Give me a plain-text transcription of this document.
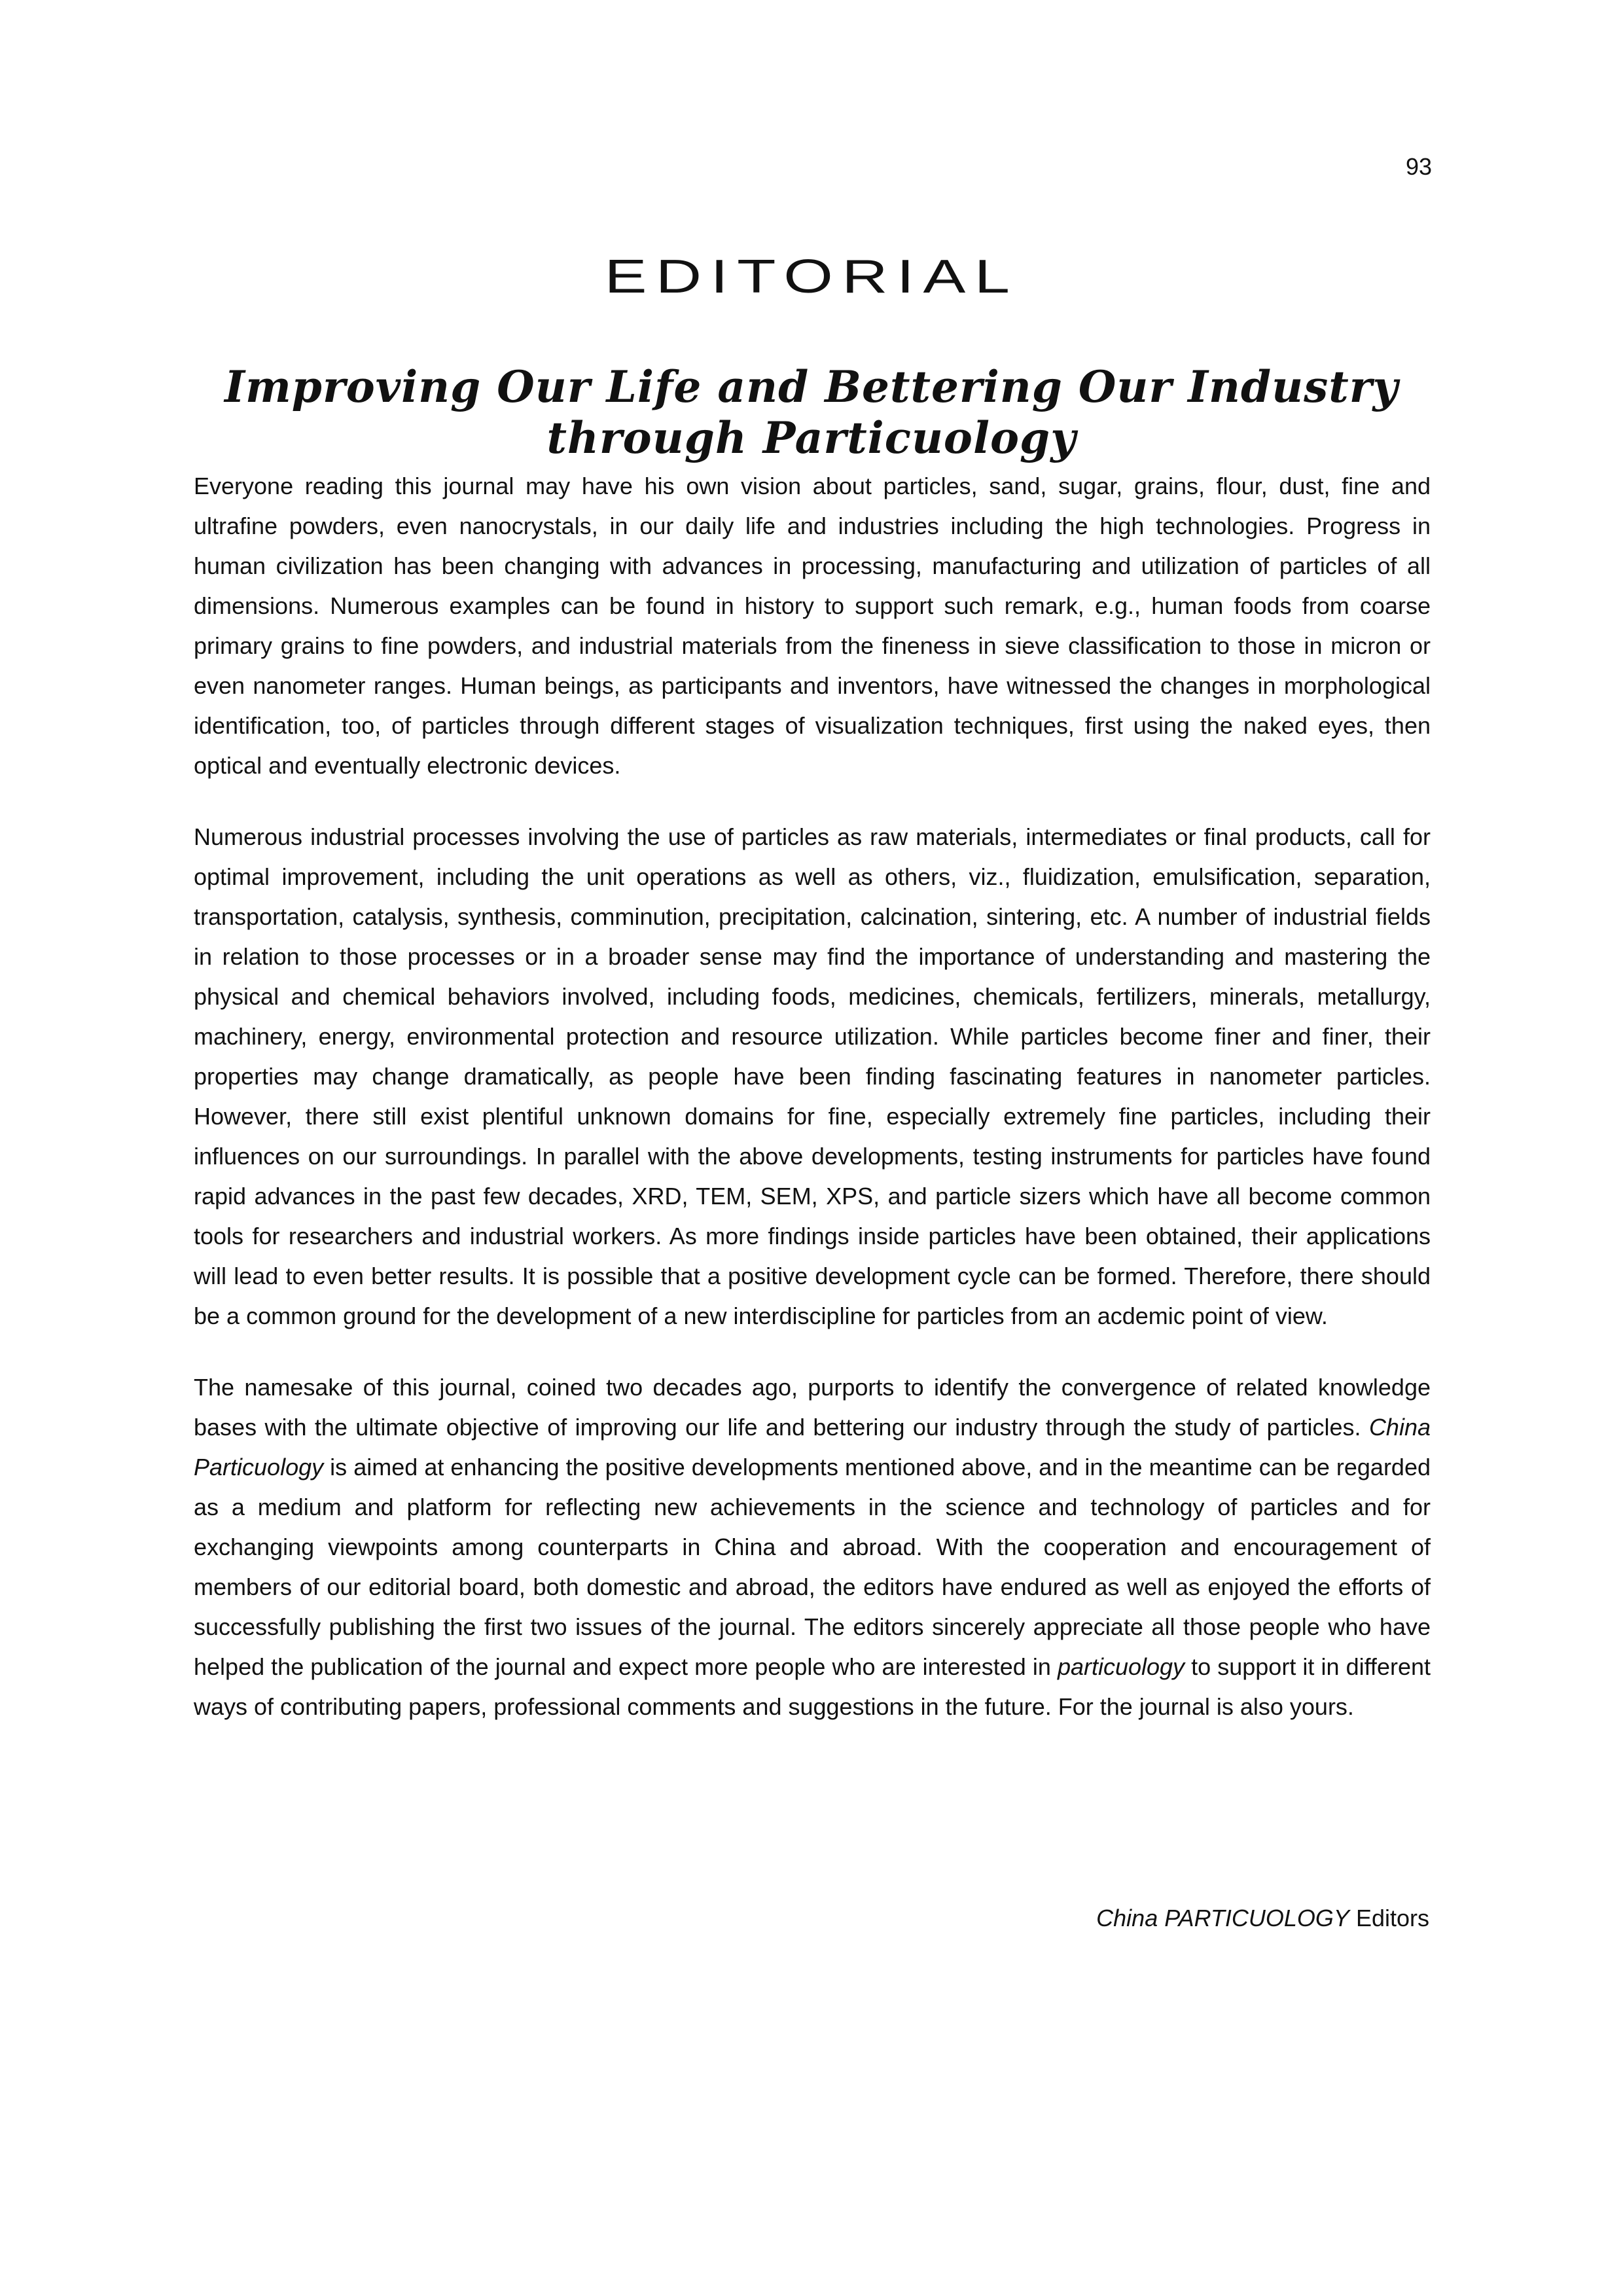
93
EDITORIAL
Improving Our Life and Bettering Our Industry through Particuology

Everyone reading this journal may have his own vision about particles, sand, sugar, grains, flour, dust, fine and ultrafine powders, even nanocrystals, in our daily life and industries including the high technologies. Progress in human civilization has been changing with advances in processing, manufacturing and utilization of particles of all dimensions. Numerous examples can be found in history to support such remark, e.g., human foods from coarse primary grains to fine powders, and industrial materials from the fineness in sieve classification to those in micron or even nanometer ranges. Human beings, as participants and inventors, have witnessed the changes in morphological identification, too, of particles through different stages of visualization techniques, first using the naked eyes, then optical and eventually electronic devices.

Numerous industrial processes involving the use of particles as raw materials, intermediates or final products, call for optimal improvement, including the unit operations as well as others, viz., fluidization, emulsification, separation, transportation, catalysis, synthesis, comminution, precipitation, calcination, sintering, etc. A number of industrial fields in relation to those processes or in a broader sense may find the importance of understanding and mastering the physical and chemical behaviors involved, including foods, medicines, chemicals, fertilizers, minerals, metallurgy, machinery, energy, environmental protection and resource utilization. While particles become finer and finer, their properties may change dramatically, as people have been finding fascinating features in nanometer particles. However, there still exist plentiful unknown domains for fine, especially extremely fine particles, including their influences on our surroundings. In parallel with the above developments, testing instruments for particles have found rapid advances in the past few decades, XRD, TEM, SEM, XPS, and particle sizers which have all become common tools for researchers and industrial workers. As more findings inside particles have been obtained, their applications will lead to even better results. It is possible that a positive development cycle can be formed. Therefore, there should be a common ground for the development of a new interdiscipline for particles from an acdemic point of view.

The namesake of this journal, coined two decades ago, purports to identify the convergence of related knowledge bases with the ultimate objective of improving our life and bettering our industry through the study of particles. China Particuology is aimed at enhancing the positive developments mentioned above, and in the meantime can be regarded as a medium and platform for reflecting new achievements in the science and technology of particles and for exchanging viewpoints among counterparts in China and abroad. With the cooperation and encouragement of members of our editorial board, both domestic and abroad, the editors have endured as well as enjoyed the efforts of successfully publishing the first two issues of the journal. The editors sincerely appreciate all those people who have helped the publication of the journal and expect more people who are interested in particuology to support it in different ways of contributing papers, professional comments and suggestions in the future. For the journal is also yours.

China PARTICUOLOGY Editors
